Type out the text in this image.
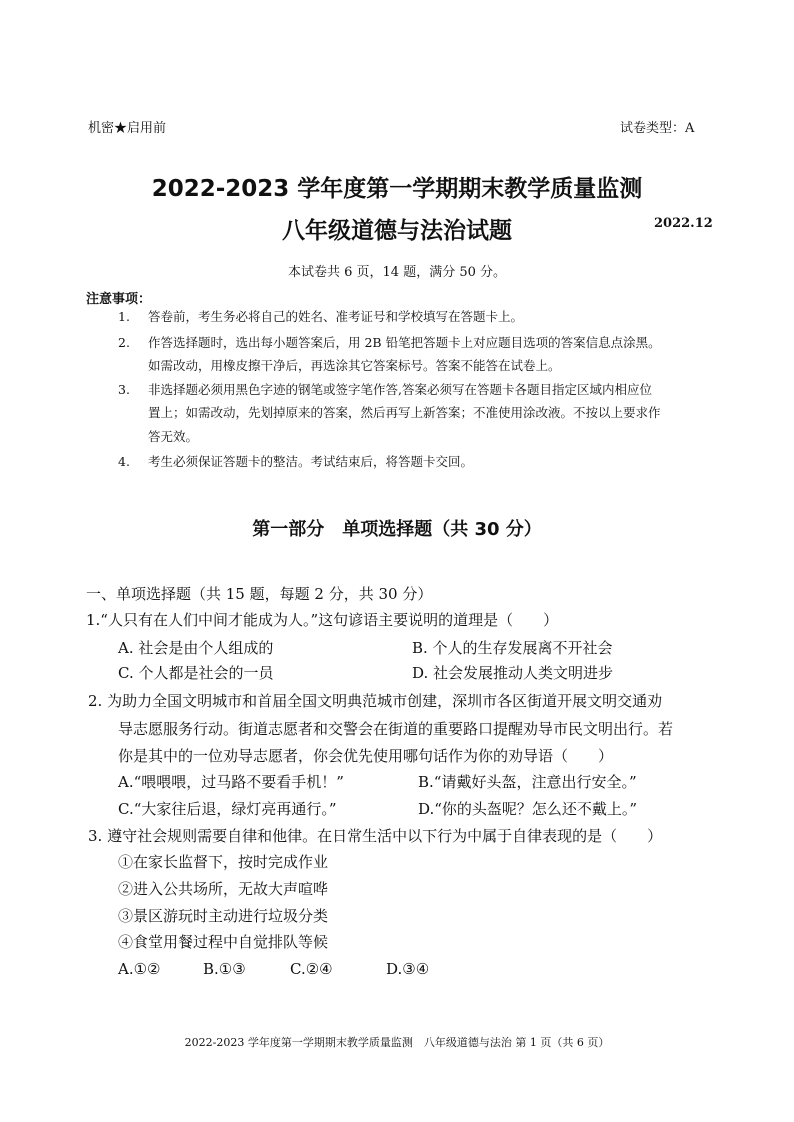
机密★启用前	试卷类型：A
2022-2023 学年度第一学期期末教学质量监测
八年级道德与法治试题	2022.12
本试卷共 6 页，14 题，满分 50 分。
注意事项：
1. 答卷前，考生务必将自己的姓名、准考证号和学校填写在答题卡上。
2. 作答选择题时，选出每小题答案后，用 2B 铅笔把答题卡上对应题目选项的答案信息点涂黑。
如需改动，用橡皮擦干净后，再选涂其它答案标号。答案不能答在试卷上。
3. 非选择题必须用黑色字迹的钢笔或签字笔作答,答案必须写在答题卡各题目指定区域内相应位
置上；如需改动，先划掉原来的答案，然后再写上新答案；不准使用涂改液。不按以上要求作
答无效。
4. 考生必须保证答题卡的整洁。考试结束后，将答题卡交回。
第一部分　单项选择题（共 30 分）
一、单项选择题（共 15 题，每题 2 分，共 30 分）
1.“人只有在人们中间才能成为人。”这句谚语主要说明的道理是（　　）
A. 社会是由个人组成的	B. 个人的生存发展离不开社会
C. 个人都是社会的一员	D. 社会发展推动人类文明进步
2. 为助力全国文明城市和首届全国文明典范城市创建，深圳市各区街道开展文明交通劝
导志愿服务行动。街道志愿者和交警会在街道的重要路口提醒劝导市民文明出行。若
你是其中的一位劝导志愿者，你会优先使用哪句话作为你的劝导语（　　）
A.“喂喂喂，过马路不要看手机！”	B.“请戴好头盔，注意出行安全。”
C.“大家往后退，绿灯亮再通行。”	D.“你的头盔呢？怎么还不戴上。”
3. 遵守社会规则需要自律和他律。在日常生活中以下行为中属于自律表现的是（　　）
①在家长监督下，按时完成作业
②进入公共场所，无故大声喧哗
③景区游玩时主动进行垃圾分类
④食堂用餐过程中自觉排队等候
A.①②	B.①③	C.②④	D.③④
2022-2023 学年度第一学期期末教学质量监测　八年级道德与法治 第 1 页（共 6 页）
